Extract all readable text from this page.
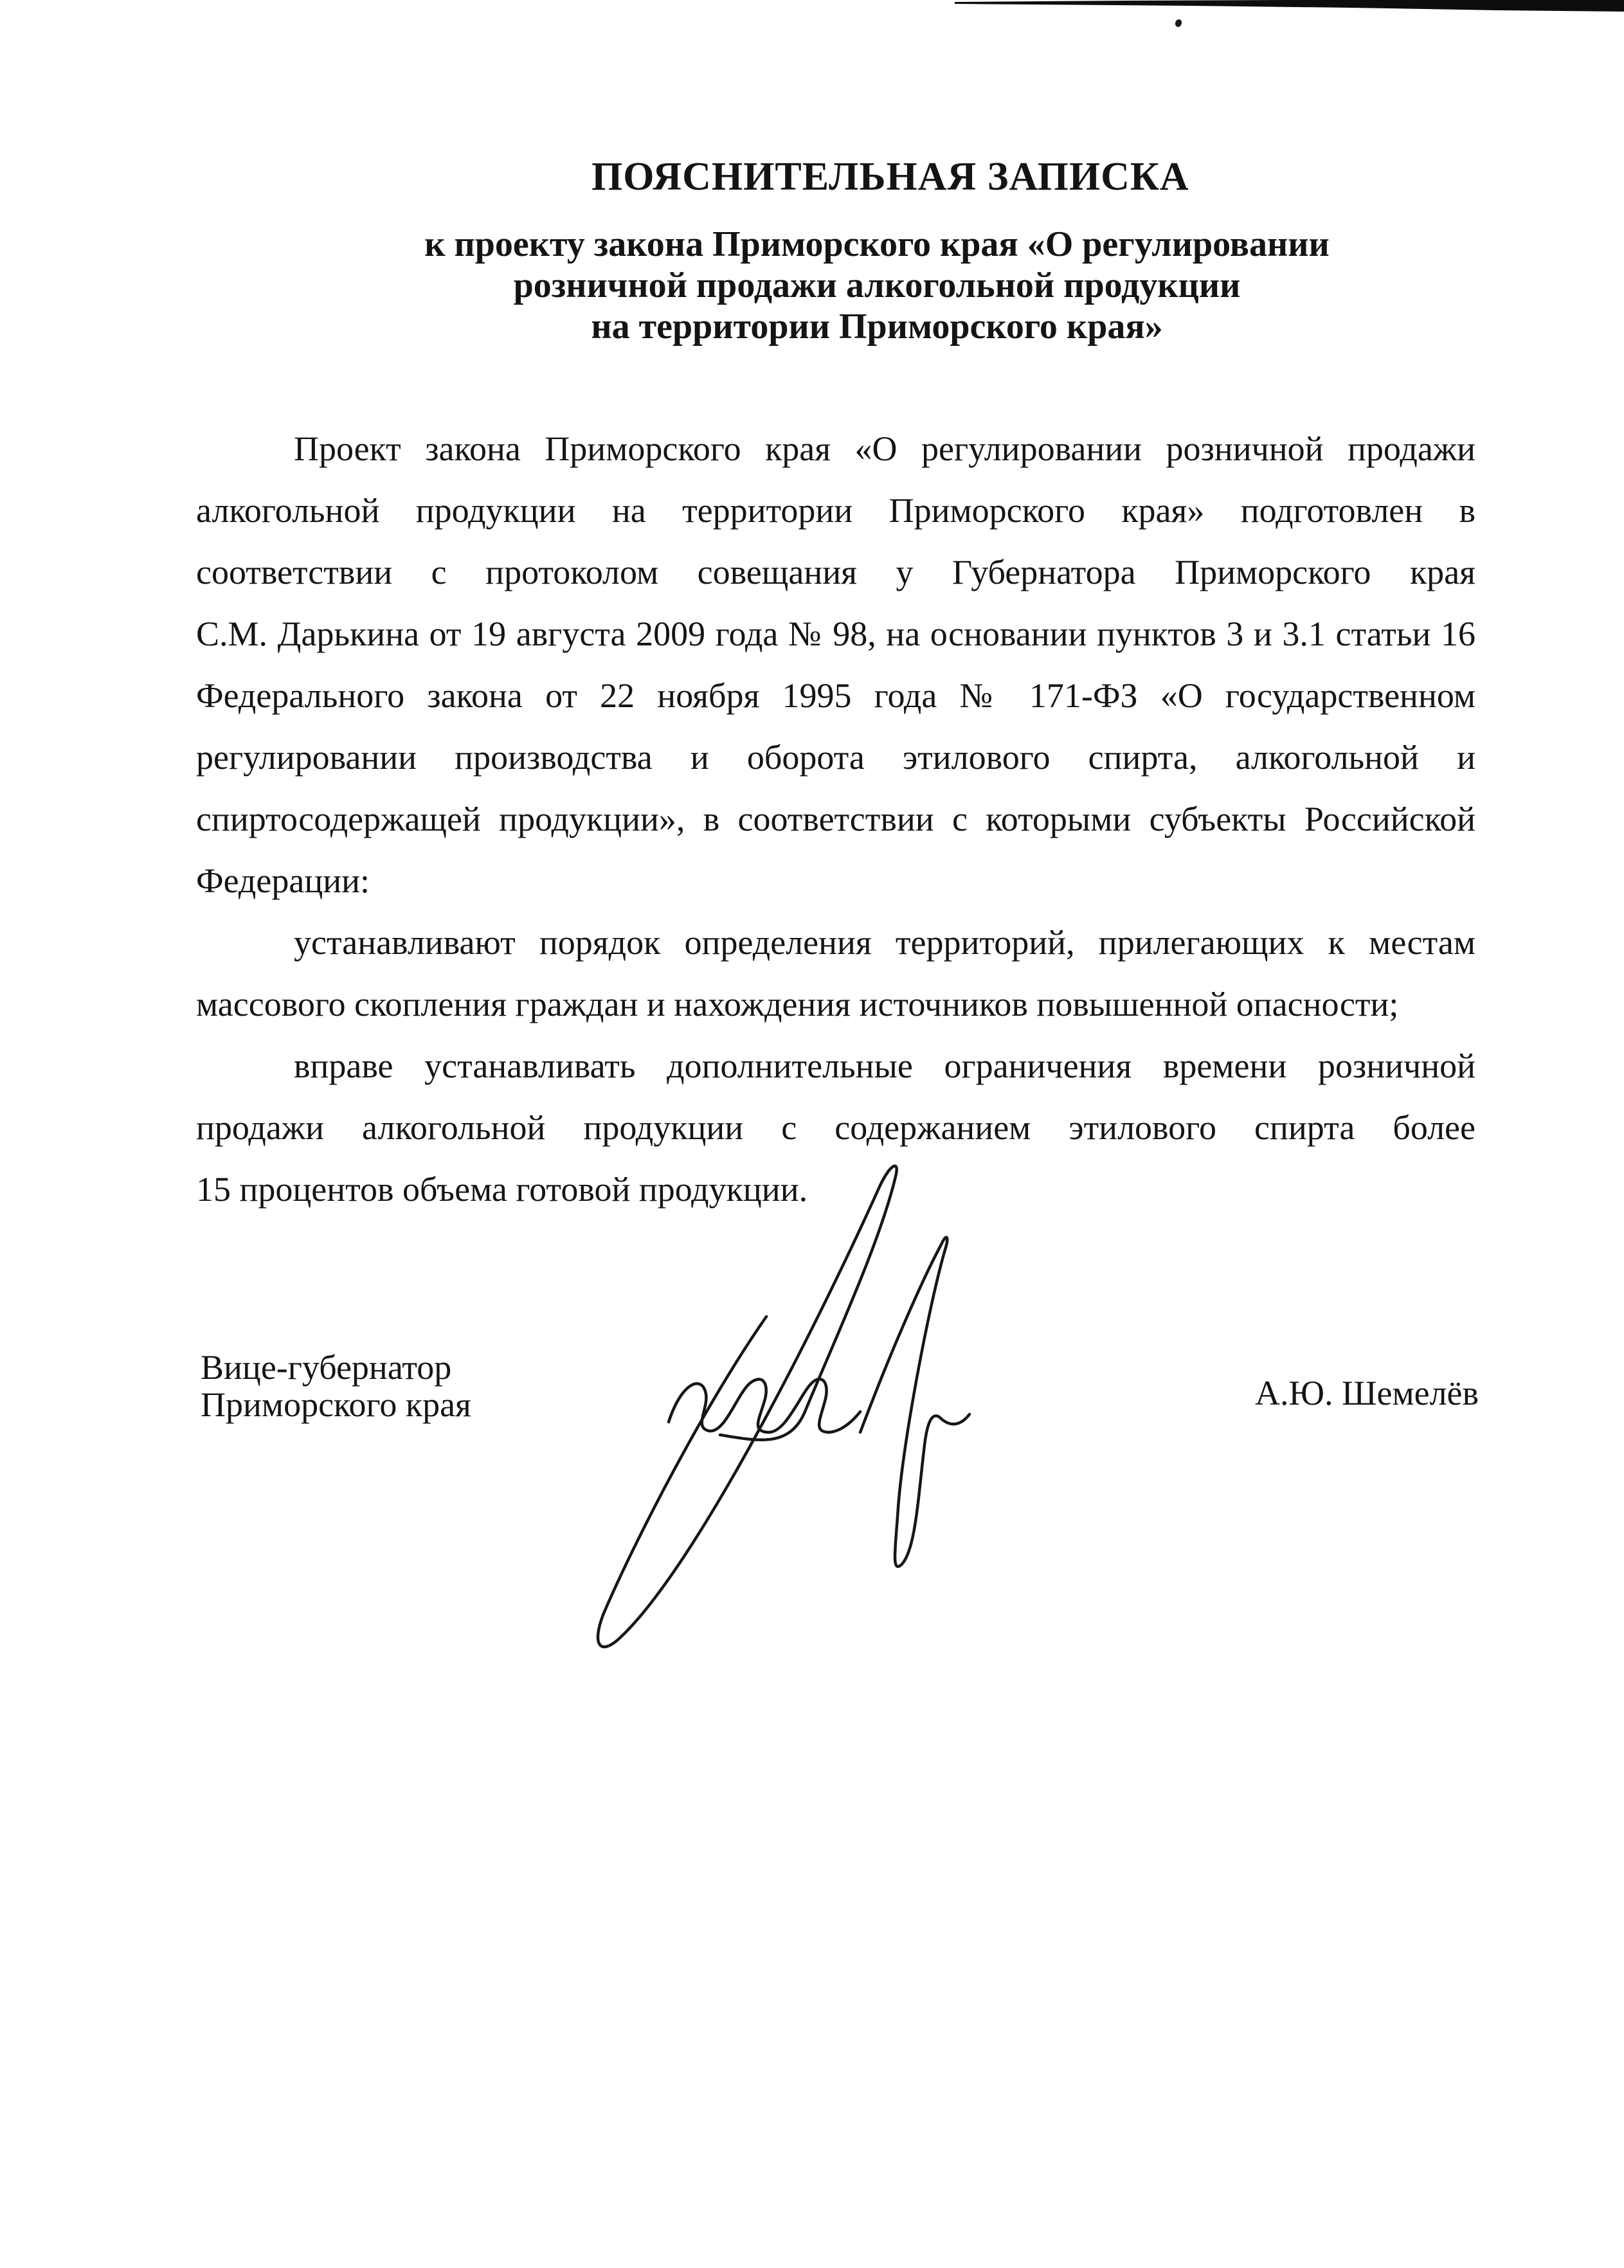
ПОЯСНИТЕЛЬНАЯ ЗАПИСКА
к проекту закона Приморского края «О регулировании
розничной продажи алкогольной продукции
на территории Приморского края»
Проект закона Приморского края «О регулировании розничной продажи
алкогольной продукции на территории Приморского края» подготовлен в
соответствии с протоколом совещания у Губернатора Приморского края
С.М. Дарькина от 19 августа 2009 года № 98, на основании пунктов 3 и 3.1 статьи 16
Федерального закона от 22 ноября 1995 года № 171-ФЗ «О государственном
регулировании производства и оборота этилового спирта, алкогольной и
спиртосодержащей продукции», в соответствии с которыми субъекты Российской
Федерации:
устанавливают порядок определения территорий, прилегающих к местам
массового скопления граждан и нахождения источников повышенной опасности;
вправе устанавливать дополнительные ограничения времени розничной
продажи алкогольной продукции с содержанием этилового спирта более
15 процентов объема готовой продукции.
Вице-губернатор
Приморского края	А.Ю. Шемелёв
